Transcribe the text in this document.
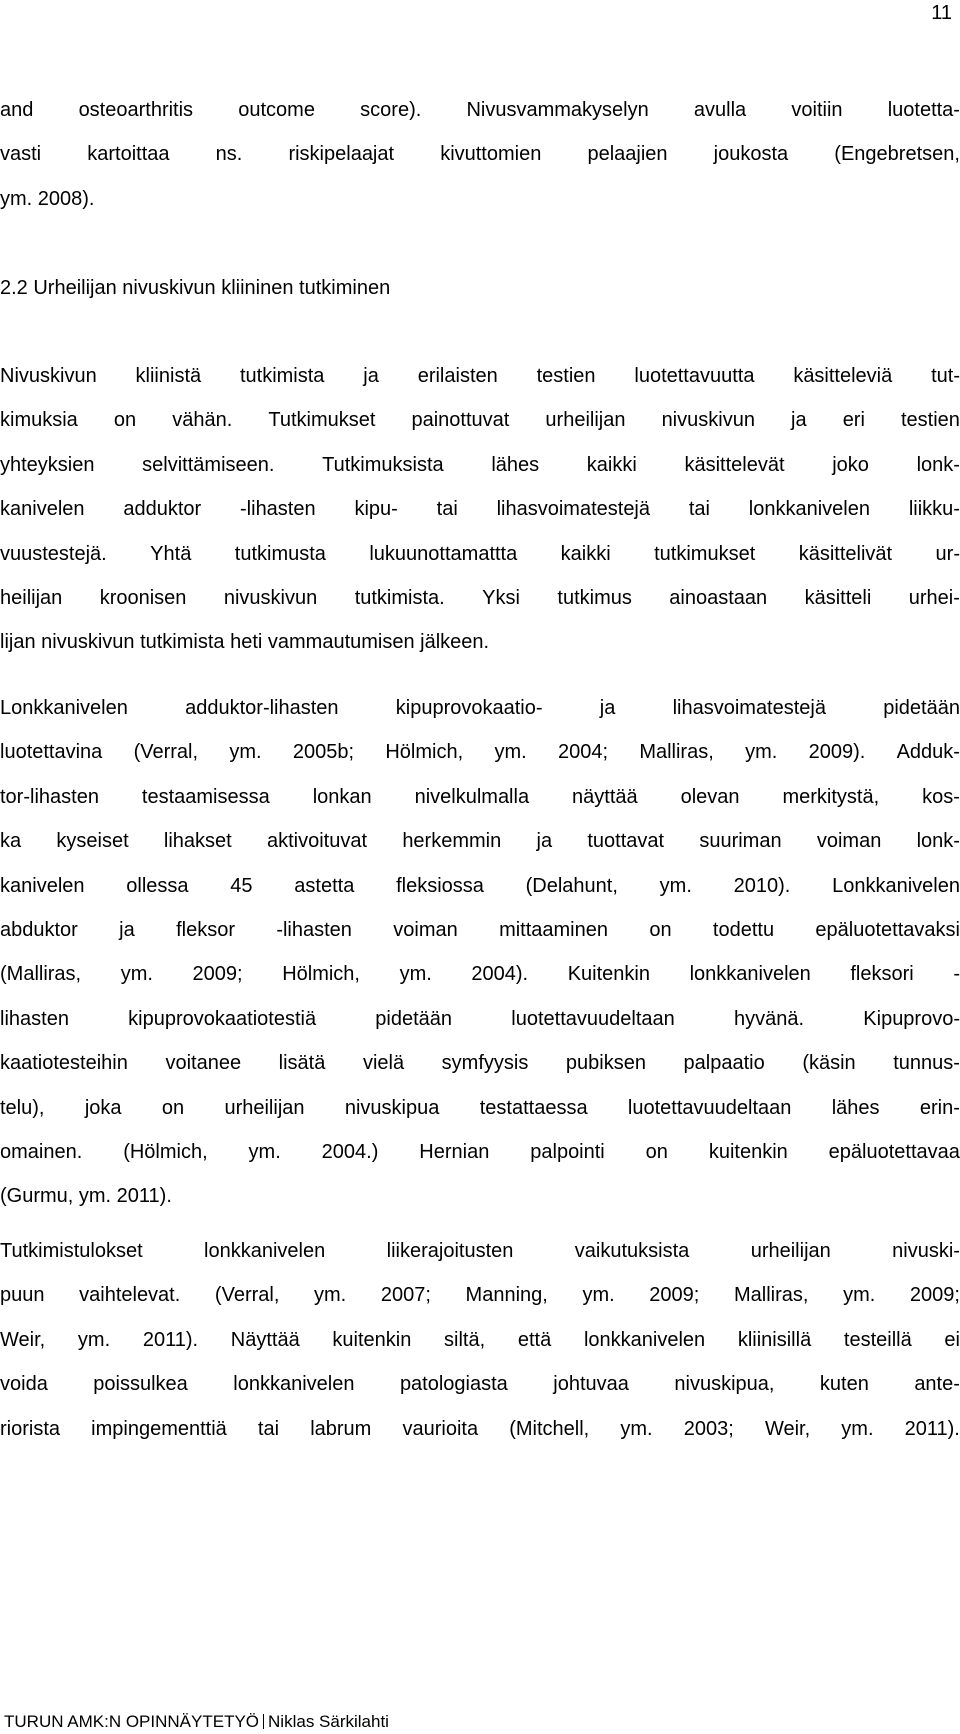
11
and osteoarthritis outcome score). Nivusvammakyselyn avulla voitiin luotetta-
vasti kartoittaa ns. riskipelaajat kivuttomien pelaajien joukosta (Engebretsen,
ym. 2008).
2.2 Urheilijan nivuskivun kliininen tutkiminen
Nivuskivun kliinistä tutkimista ja erilaisten testien luotettavuutta käsitteleviä tut-
kimuksia on vähän. Tutkimukset painottuvat urheilijan nivuskivun ja eri testien
yhteyksien selvittämiseen. Tutkimuksista lähes kaikki käsittelevät joko lonk-
kanivelen adduktor -lihasten kipu- tai lihasvoimatestejä tai lonkkanivelen liikku-
vuustestejä. Yhtä tutkimusta lukuunottamattta kaikki tutkimukset käsittelivät ur-
heilijan kroonisen nivuskivun tutkimista. Yksi tutkimus ainoastaan käsitteli urhei-
lijan nivuskivun tutkimista heti vammautumisen jälkeen.
Lonkkanivelen	adduktor-lihasten	kipuprovokaatio-	ja	lihasvoimatestejä	pidetään
luotettavina (Verral, ym. 2005b; Hölmich, ym. 2004; Malliras, ym. 2009). Adduk-
tor-lihasten testaamisessa lonkan nivelkulmalla näyttää olevan merkitystä, kos-
ka kyseiset lihakset aktivoituvat herkemmin ja tuottavat suuriman voiman lonk-
kanivelen ollessa 45 astetta fleksiossa (Delahunt, ym. 2010). Lonkkanivelen
abduktor ja fleksor -lihasten voiman mittaaminen on todettu epäluotettavaksi
(Malliras, ym. 2009; Hölmich, ym. 2004). Kuitenkin lonkkanivelen fleksori -
lihasten	kipuprovokaatiotestiä	pidetään	luotettavuudeltaan	hyvänä.	Kipuprovo-
kaatiotesteihin voitanee lisätä vielä symfyysis pubiksen palpaatio (käsin tunnus-
telu), joka on urheilijan nivuskipua testattaessa luotettavuudeltaan lähes erin-
omainen. (Hölmich, ym. 2004.) Hernian palpointi on kuitenkin epäluotettavaa
(Gurmu, ym. 2011).
Tutkimistulokset	lonkkanivelen	liikerajoitusten	vaikutuksista	urheilijan	nivuski-
puun vaihtelevat. (Verral, ym. 2007; Manning, ym. 2009; Malliras, ym. 2009;
Weir, ym. 2011). Näyttää kuitenkin siltä, että lonkkanivelen kliinisillä testeillä ei
voida poissulkea lonkkanivelen patologiasta johtuvaa nivuskipua, kuten ante-
riorista impingementtiä tai labrum vaurioita (Mitchell, ym. 2003; Weir, ym. 2011).
TURUN AMK:N OPINNÄYTETYÖ Niklas Särkilahti
